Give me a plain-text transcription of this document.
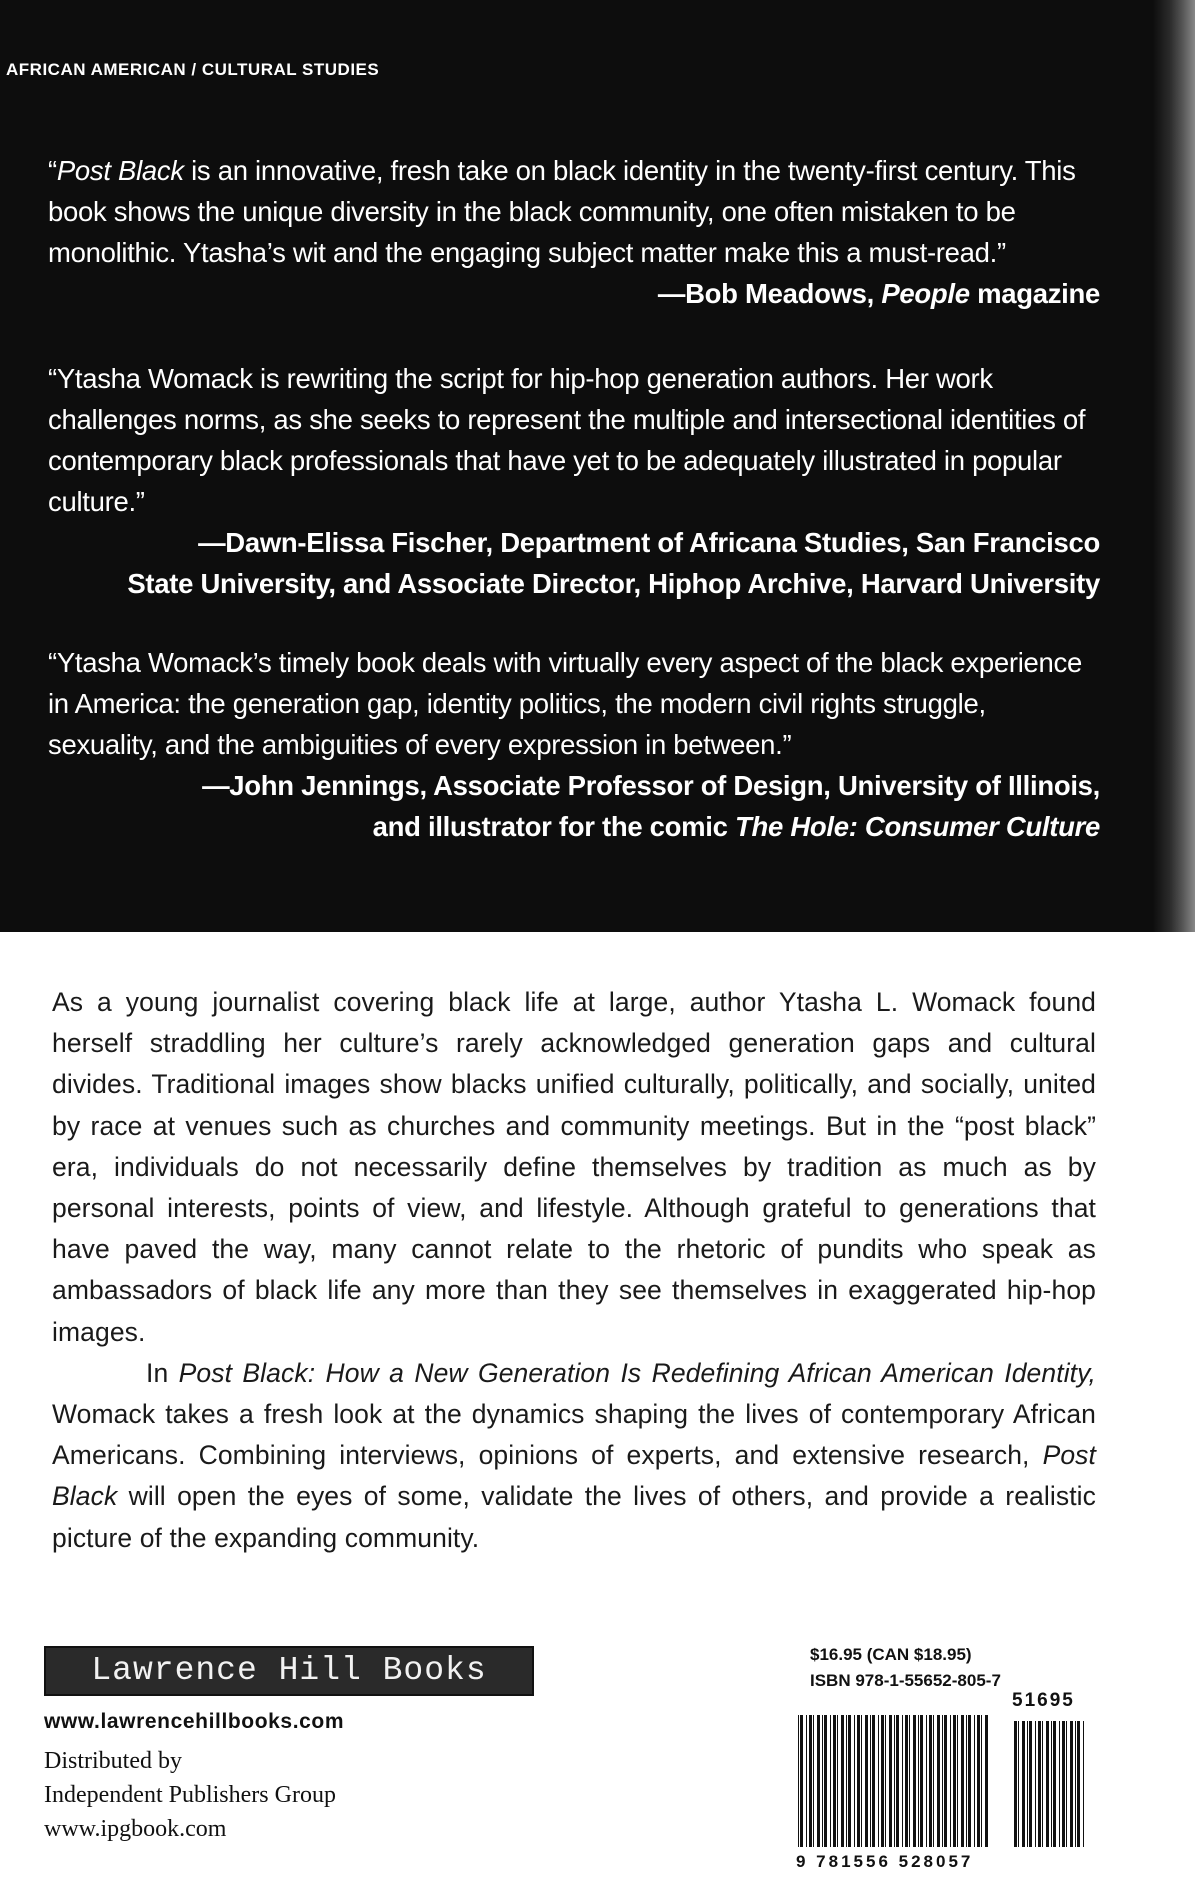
AFRICAN AMERICAN / CULTURAL STUDIES

“Post Black is an innovative, fresh take on black identity in the twenty-first century. This book shows the unique diversity in the black community, one often mistaken to be monolithic. Ytasha’s wit and the engaging subject matter make this a must-read.”

—Bob Meadows, People magazine

“Ytasha Womack is rewriting the script for hip-hop generation authors. Her work challenges norms, as she seeks to represent the multiple and intersectional identities of contemporary black professionals that have yet to be adequately illustrated in popular culture.”

—Dawn-Elissa Fischer, Department of Africana Studies, San Francisco
State University, and Associate Director, Hiphop Archive, Harvard University

“Ytasha Womack’s timely book deals with virtually every aspect of the black experience in America: the generation gap, identity politics, the modern civil rights struggle, sexuality, and the ambiguities of every expression in between.”

—John Jennings, Associate Professor of Design, University of Illinois,
and illustrator for the comic The Hole: Consumer Culture

As a young journalist covering black life at large, author Ytasha L. Womack found herself straddling her culture’s rarely acknowledged generation gaps and cultural divides. Traditional images show blacks unified culturally, politically, and socially, united by race at venues such as churches and community meetings. But in the “post black” era, individuals do not necessarily define themselves by tradition as much as by personal interests, points of view, and lifestyle. Although grateful to generations that have paved the way, many cannot relate to the rhetoric of pundits who speak as ambassadors of black life any more than they see themselves in exaggerated hip-hop images.

In Post Black: How a New Generation Is Redefining African American Identity, Womack takes a fresh look at the dynamics shaping the lives of contemporary African Americans. Combining interviews, opinions of experts, and extensive research, Post Black will open the eyes of some, validate the lives of others, and provide a realistic picture of the expanding community.

Lawrence Hill Books
www.lawrencehillbooks.com
Distributed by
Independent Publishers Group
www.ipgbook.com
$16.95 (CAN $18.95)
ISBN 978-1-55652-805-7
51695
9 781556 528057
